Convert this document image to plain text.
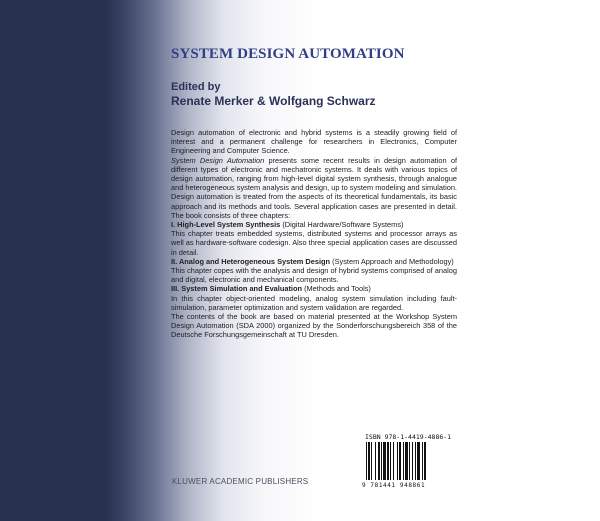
SYSTEM DESIGN AUTOMATION
Edited by
Renate Merker & Wolfgang Schwarz

Design automation of electronic and hybrid systems is a steadily growing field of interest and a permanent challenge for researchers in Electronics, Computer Engineering and Computer Science.

System Design Automation presents some recent results in design automation of different types of electronic and mechatronic systems. It deals with various topics of design automation, ranging from high-level digital system synthesis, through analogue and heterogeneous system analysis and design, up to system modeling and simulation. Design automation is treated from the aspects of its theoretical fundamentals, its basic approach and its methods and tools. Several application cases are presented in detail. The book consists of three chapters:

I. High-Level System Synthesis (Digital Hardware/Software Systems)

This chapter treats embedded systems, distributed systems and processor arrays as well as hardware-software codesign. Also three special application cases are discussed in detail.

II. Analog and Heterogeneous System Design (System Approach and Methodology)

This chapter copes with the analysis and design of hybrid systems comprised of analog and digital, electronic and mechanical components.

III. System Simulation and Evaluation (Methods and Tools)

In this chapter object-oriented modeling, analog system simulation including fault-simulation, parameter optimization and system validation are regarded.

The contents of the book are based on material presented at the Workshop System Design Automation (SDA 2000) organized by the Sonderforschungsbereich 358 of the Deutsche Forschungsgemeinschaft at TU Dresden.

ISBN 978-1-4419-4886-1
9 781441 948861
KLUWER ACADEMIC PUBLISHERS
